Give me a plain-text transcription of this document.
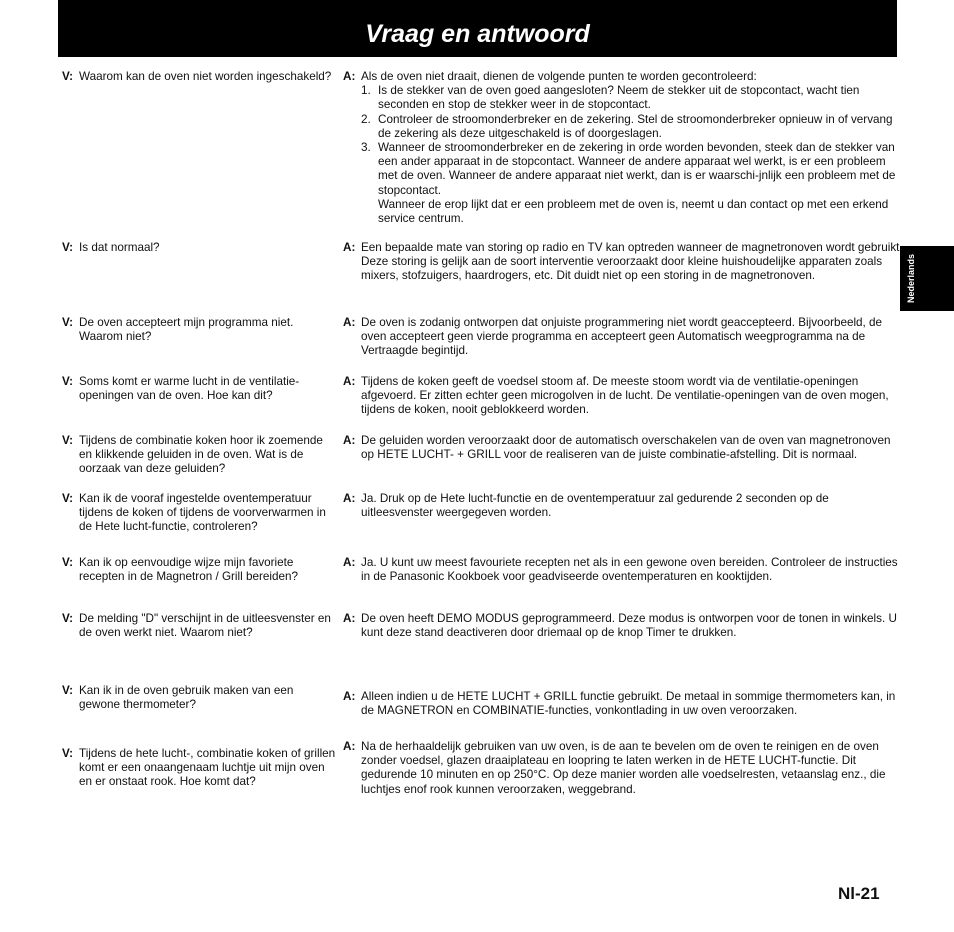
Vraag en antwoord
Nederlands
V: Waarom kan de oven niet worden ingeschakeld?	A: Als de oven niet draait, dienen de volgende punten te worden gecontroleerd:
1. Is de stekker van de oven goed aangesloten? Neem de stekker uit de stopcontact, wacht tien seconden en stop de stekker weer in de stopcontact.
2. Controleer de stroomonderbreker en de zekering. Stel de stroomonderbreker opnieuw in of vervang de zekering als deze uitgeschakeld is of doorgeslagen.
3. Wanneer de stroomonderbreker en de zekering in orde worden bevonden, steek dan de stekker van een ander apparaat in de stopcontact. Wanneer de andere apparaat wel werkt, is er een probleem met de oven. Wanneer de andere apparaat niet werkt, dan is er waarschi-jnlijk een probleem met de stopcontact.
Wanneer de erop lijkt dat er een probleem met de oven is, neemt u dan contact op met een erkend service centrum.
V: Is dat normaal?	A: Een bepaalde mate van storing op radio en TV kan optreden wanneer de magnetronoven wordt gebruikt. Deze storing is gelijk aan de soort interventie veroorzaakt door kleine huishoudelijke apparaten zoals mixers, stofzuigers, haardrogers, etc. Dit duidt niet op een storing in de magnetronoven.
V: De oven accepteert mijn programma niet. Waarom niet?
A: De oven is zodanig ontworpen dat onjuiste programmering niet wordt geaccepteerd. Bijvoorbeeld, de oven accepteert geen vierde programma en accepteert geen Automatisch weegprogramma na de Vertraagde begintijd.
V: Soms komt er warme lucht in de ventilatie-openingen van de oven. Hoe kan dit?
A: Tijdens de koken geeft de voedsel stoom af. De meeste stoom wordt via de ventilatie-openingen afgevoerd. Er zitten echter geen microgolven in de lucht. De ventilatie-openingen van de oven mogen, tijdens de koken, nooit geblokkeerd worden.
V: Tijdens de combinatie koken hoor ik zoemende en klikkende geluiden in de oven. Wat is de oorzaak van deze geluiden?
A: De geluiden worden veroorzaakt door de automatisch overschakelen van de oven van magnetronoven op HETE LUCHT- + GRILL voor de realiseren van de juiste combinatie-afstelling. Dit is normaal.
V: Kan ik de vooraf ingestelde oventemperatuur tijdens de koken of tijdens de voorverwarmen in de Hete lucht-functie, controleren?
A: Ja. Druk op de Hete lucht-functie en de oventemperatuur zal gedurende 2 seconden op de uitleesvenster weergegeven worden.
V: Kan ik op eenvoudige wijze mijn favoriete recepten in de Magnetron / Grill bereiden?
A: Ja. U kunt uw meest favouriete recepten net als in een gewone oven bereiden. Controleer de instructies in de Panasonic Kookboek voor geadviseerde oventemperaturen en kooktijden.
V: De melding "D" verschijnt in de uitleesvenster en de oven werkt niet. Waarom niet?
A: De oven heeft DEMO MODUS geprogrammeerd. Deze modus is ontworpen voor de tonen in winkels. U kunt deze stand deactiveren door driemaal op de knop Timer te drukken.
V: Kan ik in de oven gebruik maken van een gewone thermometer?
A: Alleen indien u de HETE LUCHT + GRILL functie gebruikt. De metaal in sommige thermometers kan, in de MAGNETRON en COMBINATIE-functies, vonkontlading in uw oven veroorzaken.
V: Tijdens de hete lucht-, combinatie koken of grillen komt er een onaangenaam luchtje uit mijn oven en er onstaat rook. Hoe komt dat?
A: Na de herhaaldelijk gebruiken van uw oven, is de aan te bevelen om de oven te reinigen en de oven zonder voedsel, glazen draaiplateau en loopring te laten werken in de HETE LUCHT-functie. Dit gedurende 10 minuten en op 250°C. Op deze manier worden alle voedselresten, vetaanslag enz., die luchtjes enof rook kunnen veroorzaken, weggebrand.
Nl-21
